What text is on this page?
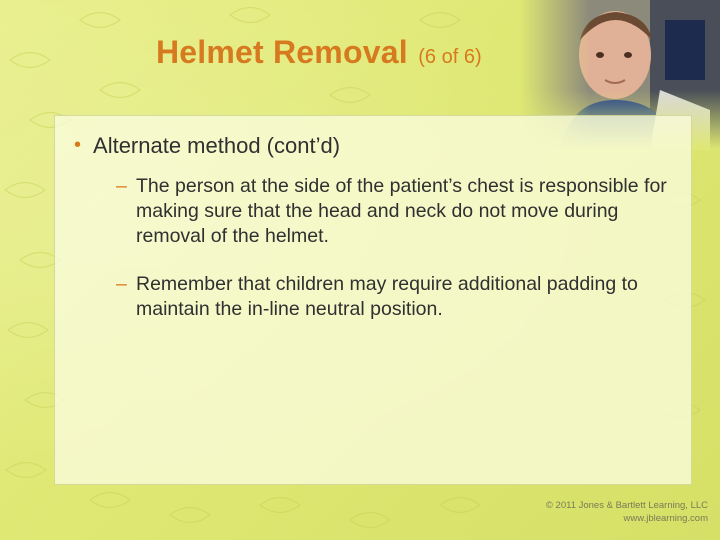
Helmet Removal (6 of 6)
• Alternate method (cont’d)
– The person at the side of the patient’s chest is responsible for making sure that the head and neck do not move during removal of the helmet.
– Remember that children may require additional padding to maintain the in-line neutral position.
© 2011 Jones & Bartlett Learning, LLC
www.jblearning.com
